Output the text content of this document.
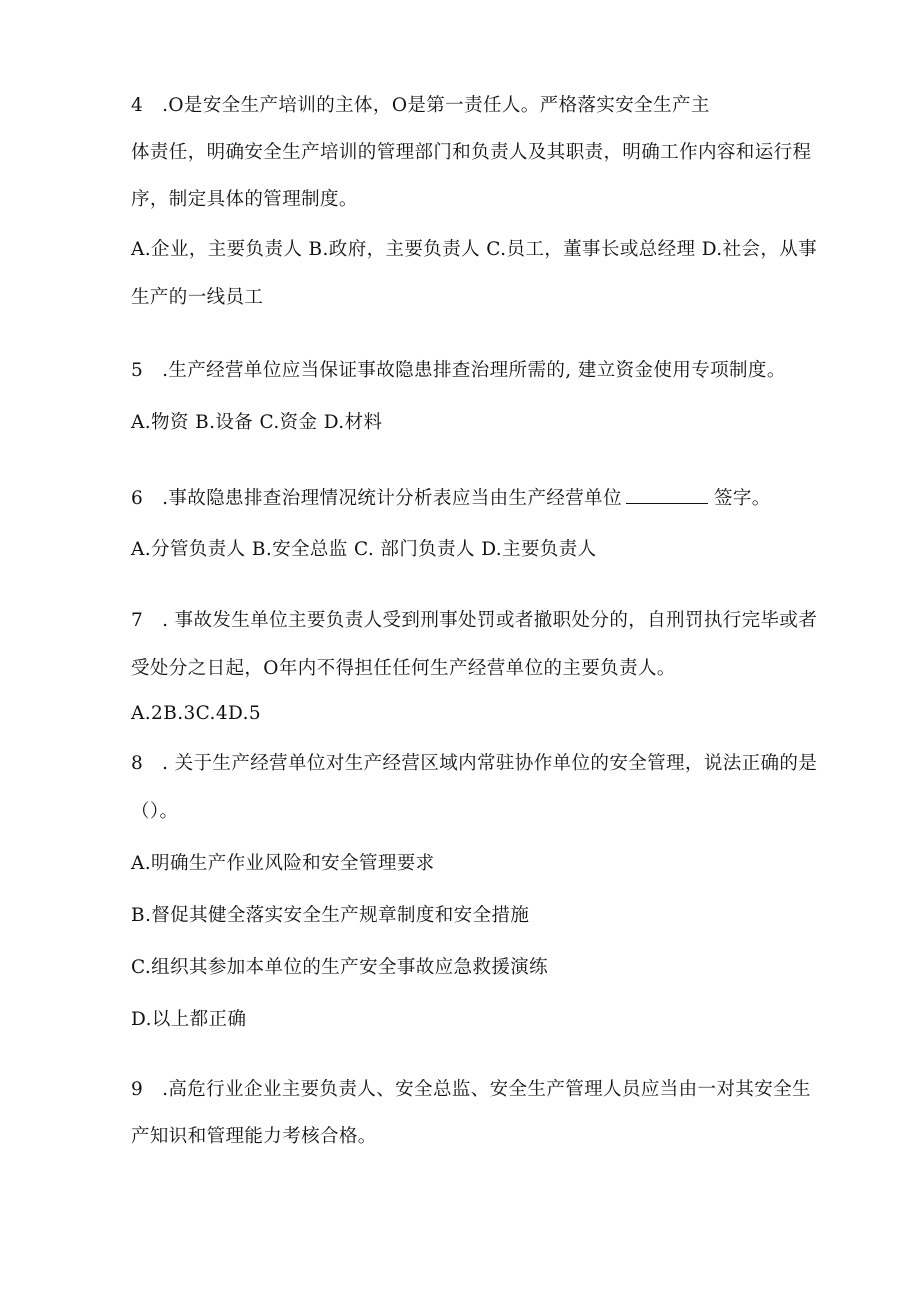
4　.O是安全生产培训的主体，O是第一责任人。严格落实安全生产主
体责任，明确安全生产培训的管理部门和负责人及其职责，明确工作内容和运行程
序，制定具体的管理制度。
A.企业，主要负责人 B.政府，主要负责人 C.员工，董事长或总经理 D.社会，从事
生产的一线员工
5　.生产经营单位应当保证事故隐患排查治理所需的, 建立资金使用专项制度。
A.物资 B.设备 C.资金 D.材料
6　.事故隐患排查治理情况统计分析表应当由生产经营单位	签字。
A.分管负责人 B.安全总监 C. 部门负责人 D.主要负责人
7　. 事故发生单位主要负责人受到刑事处罚或者撤职处分的，自刑罚执行完毕或者
受处分之日起，O年内不得担任任何生产经营单位的主要负责人。
A.2B.3C.4D.5
8　. 关于生产经营单位对生产经营区域内常驻协作单位的安全管理，说法正确的是
（）。
A.明确生产作业风险和安全管理要求
B.督促其健全落实安全生产规章制度和安全措施
C.组织其参加本单位的生产安全事故应急救援演练
D.以上都正确
9　.高危行业企业主要负责人、安全总监、安全生产管理人员应当由一对其安全生
产知识和管理能力考核合格。
